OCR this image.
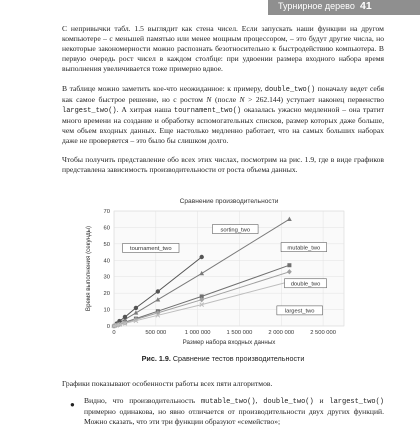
Турнирное дерево 41

С непривычки табл. 1.5 выглядит как стена чисел. Если запускать наши функции на другом компьютере – с меньшей памятью или менее мощным процессором, – это будут другие числа, но некоторые закономерности можно распознать безотносительно к быстродействию компьютера. В первую очередь рост чисел в каждом столбце: при удвоении размера входного набора время выполнения увеличивается тоже примерно вдвое.

В таблице можно заметить кое-что неожиданное: к примеру, double_two() поначалу ведет себя как самое быстрое решение, но с ростом N (после N > 262.144) уступает наконец первенство largest_two(). А хитрая наша tournament_two() оказалась ужасно медленной – она тратит много времени на создание и обработку вспомогательных списков, размер которых даже больше, чем объем входных данных. Еще настолько медленно работает, что на самых больших наборах даже не проверяется – это было бы слишком долго.

Чтобы получить представление обо всех этих числах, посмотрим на рис. 1.9, где в виде графиков представлена зависимость производительности от роста объема данных.

0
10
20
30
40
50
60
70
0	500 000	1 000 000	1 500 000	2 000 000	2 500 000
Сравнение производительности
Размер набора входных данных
Время выполнения (секунды)	sorting_two
tournament_two	mutable_two
double_two
largest_two
Рис. 1.9. Сравнение тестов производительности

Графики показывают особенности работы всех пяти алгоритмов.

●	Видно, что производительность mutable_two(), double_two() и largest_two() примерно одинакова, но явно отличается от производительности двух других функций. Можно сказать, что эти три функции образуют «семейство»;
